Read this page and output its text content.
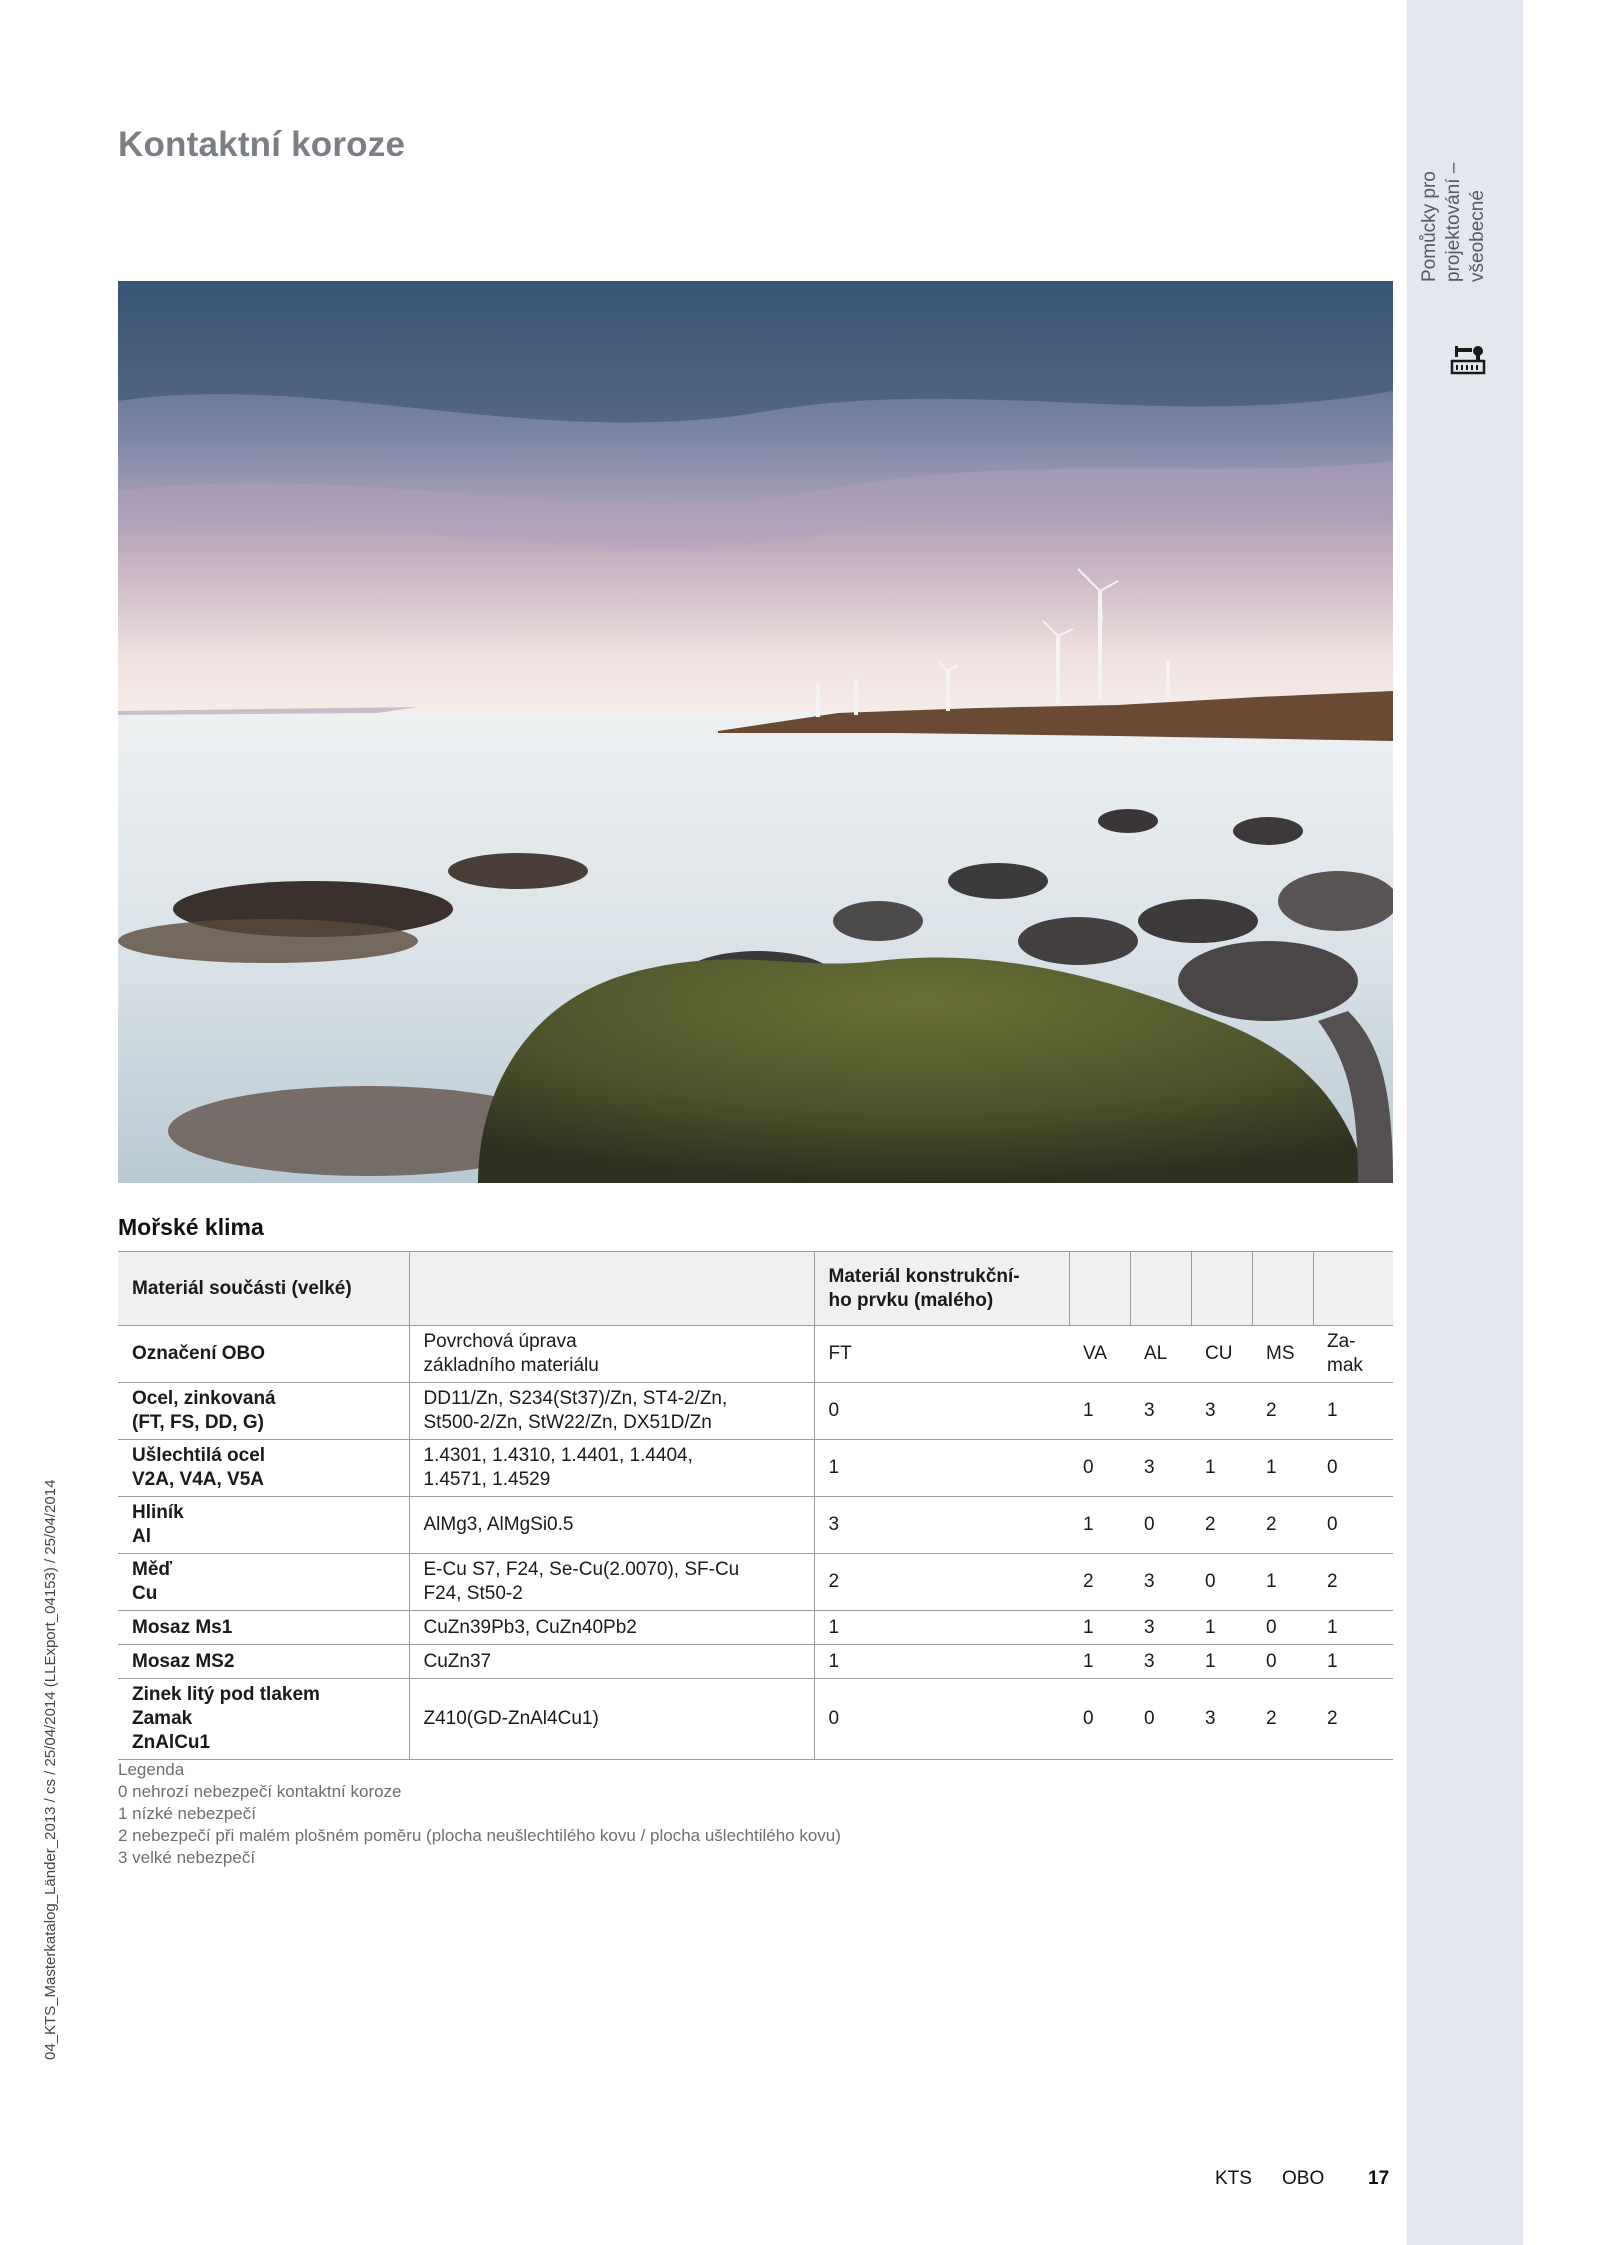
Pomůcky pro projektování – všeobecné
04_KTS_Masterkatalog_Länder_2013 / cs / 25/04/2014 (LLExport_04153) / 25/04/2014
Kontaktní koroze
Mořské klima
Materiál součásti (velké)		Materiál konstrukční-
ho prvku (malého)					
Označení OBO	Povrchová úprava
základního materiálu	FT	VA	AL	CU	MS	Za-
mak
Ocel, zinkovaná
(FT, FS, DD, G)	DD11/Zn, S234(St37)/Zn, ST4-2/Zn,
St500-2/Zn, StW22/Zn, DX51D/Zn	0	1	3	3	2	1
Ušlechtilá ocel
V2A, V4A, V5A	1.4301, 1.4310, 1.4401, 1.4404,
1.4571, 1.4529	1	0	3	1	1	0
Hliník
Al	AlMg3, AlMgSi0.5	3	1	0	2	2	0
Měď
Cu	E-Cu S7, F24, Se-Cu(2.0070), SF-Cu
F24, St50-2	2	2	3	0	1	2
Mosaz Ms1	CuZn39Pb3, CuZn40Pb2	1	1	3	1	0	1
Mosaz MS2	CuZn37	1	1	3	1	0	1
Zinek litý pod tlakem
Zamak
ZnAlCu1	Z410(GD-ZnAl4Cu1)	0	0	0	3	2	2
Legenda
0 nehrozí nebezpečí kontaktní koroze
1 nízké nebezpečí
2 nebezpečí při malém plošném poměru (plocha neušlechtilého kovu / plocha ušlechtilého kovu)
3 velké nebezpečí
KTS OBO 17
